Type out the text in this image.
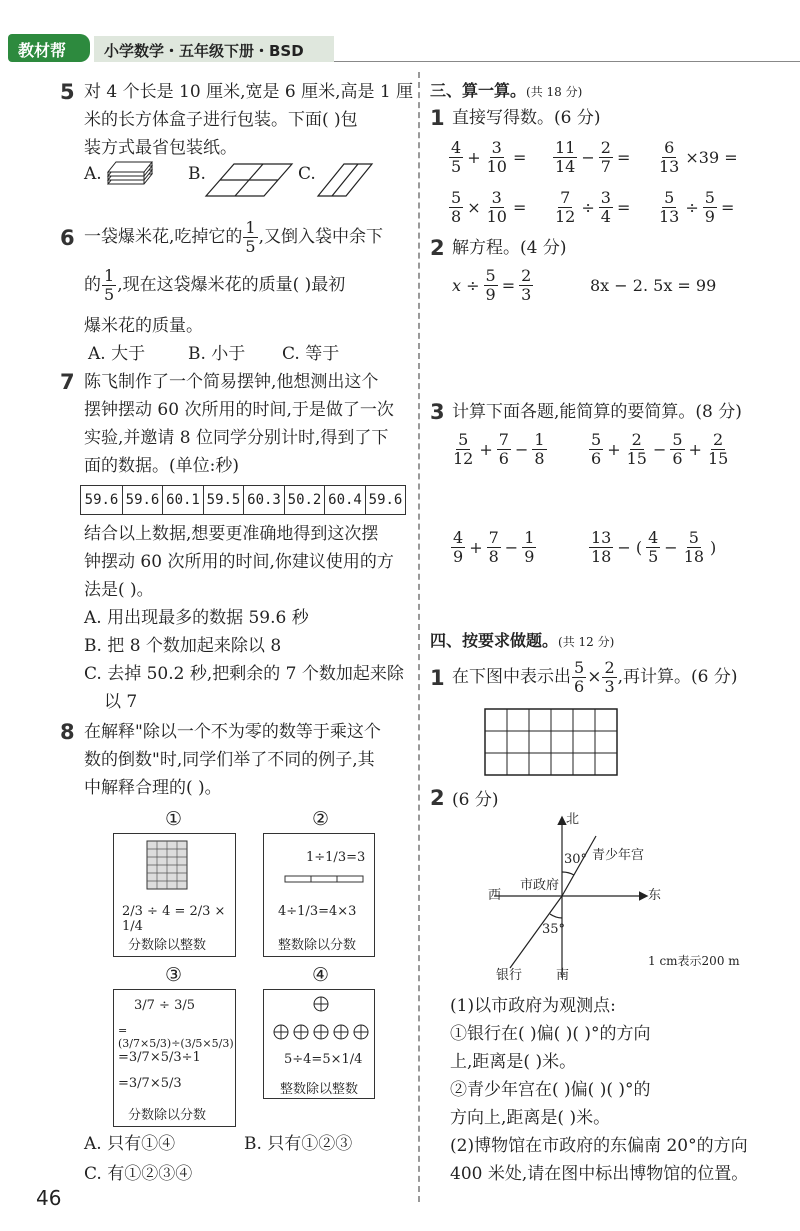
教材帮	小学数学・五年级下册・BSD
5 对 4 个长是 10 厘米,宽是 6 厘米,高是 1 厘
米的长方体盒子进行包装。下面( )包
装方式最省包装纸。
A.	B.	C.
6 一袋爆米花,吃掉它的 $\frac{1}{5}$ ,又倒入袋中余下
的 $\frac{1}{5}$ ,现在这袋爆米花的质量( )最初
爆米花的质量。
A. 大于	B. 小于 C. 等于
7 陈飞制作了一个简易摆钟,他想测出这个
摆钟摆动 60 次所用的时间,于是做了一次
实验,并邀请 8 位同学分别计时,得到了下
面的数据。(单位:秒)
59.6 59.6 60.1 59.5 60.3 50.2 60.4 59.6
结合以上数据,想要更准确地得到这次摆
钟摆动 60 次所用的时间,你建议使用的方
法是( )。
A. 用出现最多的数据 59.6 秒
B. 把 8 个数加起来除以 8
C. 去掉 50.2 秒,把剩余的 7 个数加起来除
以 7
8 在解释"除以一个不为零的数等于乘这个
数的倒数"时,同学们举了不同的例子,其
中解释合理的( )。
①	②
2/3 ÷ 4 = 2/3 × 1/4
分数除以整数
1÷1/3=3
4÷1/3=4×3
整数除以分数
③	④
3/7 ÷ 3/5
=(3/7×5/3)÷(3/5×5/3)
=3/7×5/3÷1
=3/7×5/3
分数除以分数
5÷4=5×1/4
整数除以整数
A. 只有①④	B. 只有①②③
C. 有①②③④
46
三、算一算。(共 18 分)
1 直接写得数。(6 分)
$\frac{4}{5} + \frac{3}{10} = \frac{11}{14} - \frac{2}{7} = \frac{6}{13} \times 39$ =
$\frac{5}{8} \times \frac{3}{10} = \frac{7}{12} \div \frac{3}{4} = \frac{5}{13} \div \frac{5}{9}$ =
2 解方程。(4 分)
$x \div \frac{5}{9} = \frac{2}{3}$	8x − 2. 5x = 99
3 计算下面各题,能简算的要简算。(8 分)
$\frac{5}{12} + \frac{7}{6} - \frac{1}{8}$	$\frac{5}{6} + \frac{2}{15} - \frac{5}{6} + \frac{2}{15}$
$\frac{4}{9} + \frac{7}{8} - \frac{1}{9}$	$\frac{13}{18}$ − ( $\frac{4}{5} - \frac{5}{18}$ )
四、按要求做题。(共 12 分)
1 在下图中表示出 $\frac{5}{6} \times \frac{2}{3}$ ,再计算。(6 分)
2 (6 分)
北
南
东
西
30°
35°
市政府
青少年宫
银行
1 cm表示200 m
(1)以市政府为观测点:
①银行在( )偏( )( )°的方向
上,距离是( )米。
②青少年宫在( )偏( )( )°的
方向上,距离是( )米。
(2)博物馆在市政府的东偏南 20°的方向
400 米处,请在图中标出博物馆的位置。
